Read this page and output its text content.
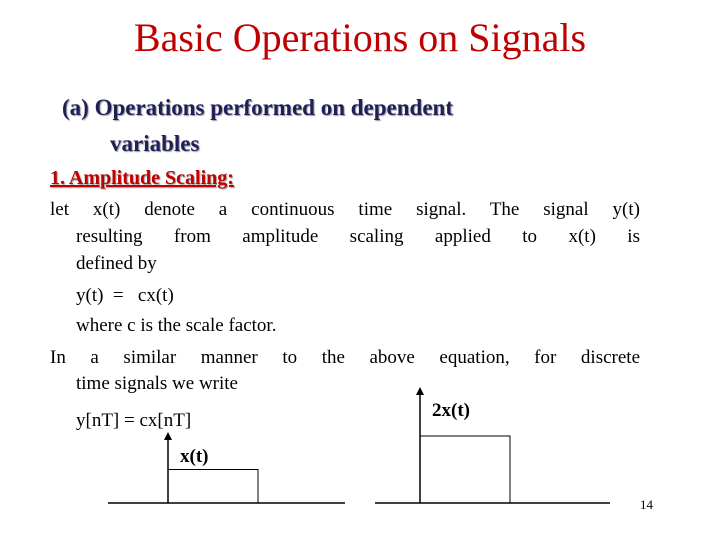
Basic Operations on Signals
(a) Operations performed on dependent
variables
1. Amplitude Scaling:
let x(t) denote a continuous time signal. The signal y(t)
resulting from amplitude scaling applied to x(t) is
defined by
y(t)  =   cx(t)
where c is the scale factor.
In a similar manner to the above equation, for discrete
time signals we write
y[nT] = cx[nT]	2x(t)
x(t)
14
